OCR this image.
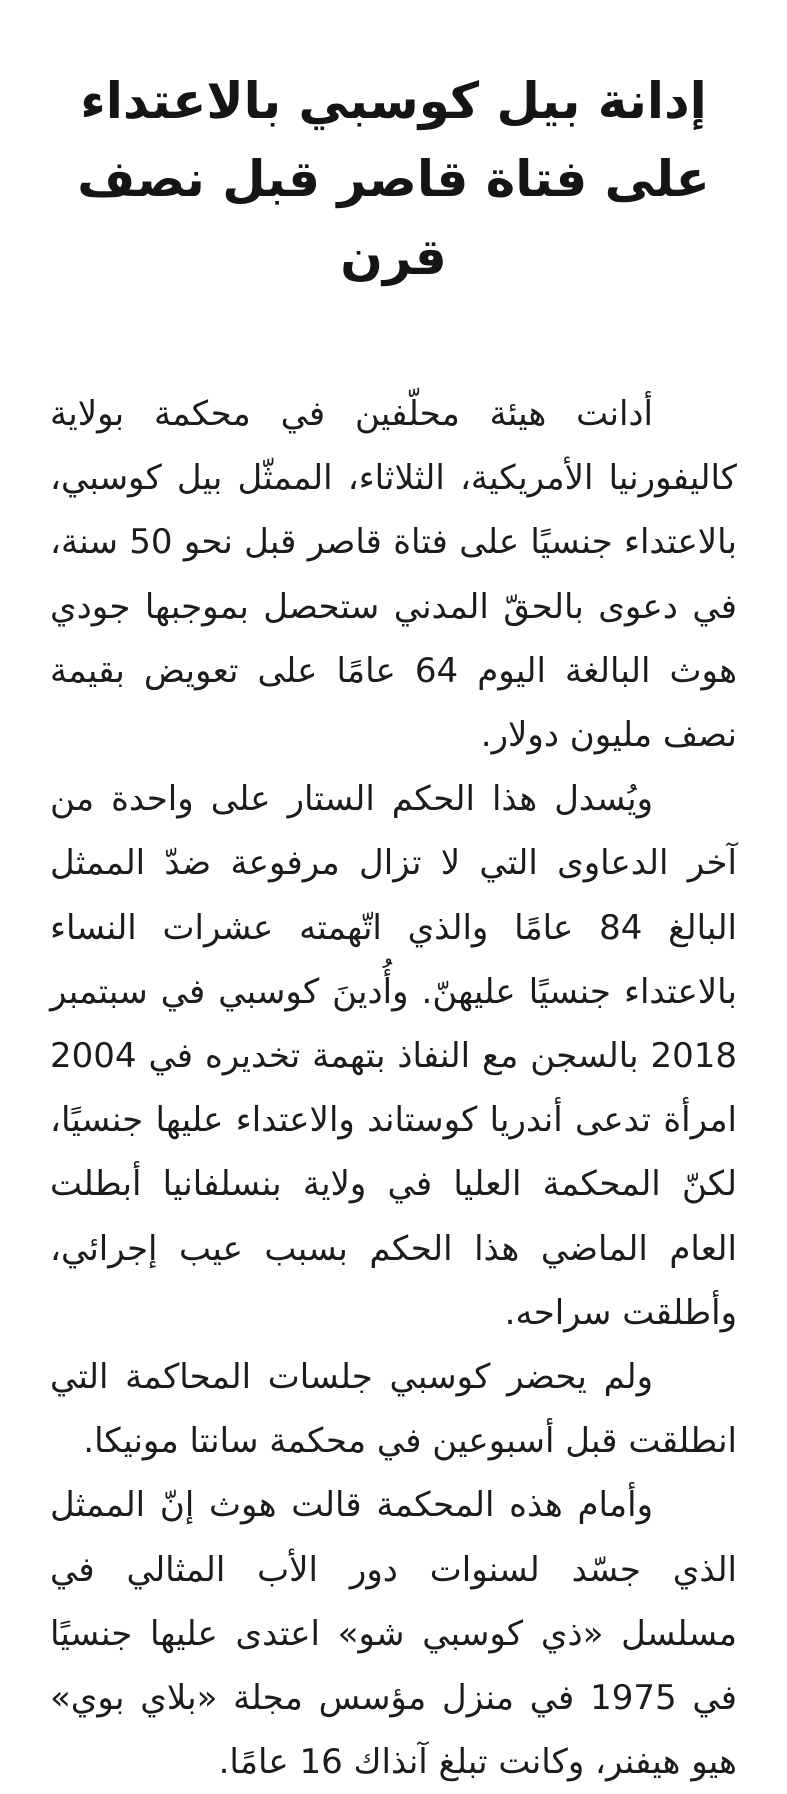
إدانة بيل كوسبي بالاعتداء
على فتاة قاصر قبل نصف قرن

أدانت هيئة محلّفين في محكمة بولاية كاليفورنيا الأمريكية، الثلاثاء، الممثّل بيل كوسبي، بالاعتداء جنسيًا على فتاة قاصر قبل نحو 50 سنة، في دعوى بالحقّ المدني ستحصل بموجبها جودي هوث البالغة اليوم 64 عامًا على تعويض بقيمة نصف مليون دولار.

ويُسدل هذا الحكم الستار على واحدة من آخر الدعاوى التي لا تزال مرفوعة ضدّ الممثل البالغ 84 عامًا والذي اتّهمته عشرات النساء بالاعتداء جنسيًا عليهنّ. وأُدينَ كوسبي في سبتمبر 2018 بالسجن مع النفاذ بتهمة تخديره في 2004 امرأة تدعى أندريا كوستاند والاعتداء عليها جنسيًا، لكنّ المحكمة العليا في ولاية بنسلفانيا أبطلت العام الماضي هذا الحكم بسبب عيب إجرائي، وأطلقت سراحه.

ولم يحضر كوسبي جلسات المحاكمة التي انطلقت قبل أسبوعين في محكمة سانتا مونيكا.

وأمام هذه المحكمة قالت هوث إنّ الممثل الذي جسّد لسنوات دور الأب المثالي في مسلسل «ذي كوسبي شو» اعتدى عليها جنسيًا في 1975 في منزل مؤسس مجلة «بلاي بوي» هيو هيفنر، وكانت تبلغ آنذاك 16 عامًا.
